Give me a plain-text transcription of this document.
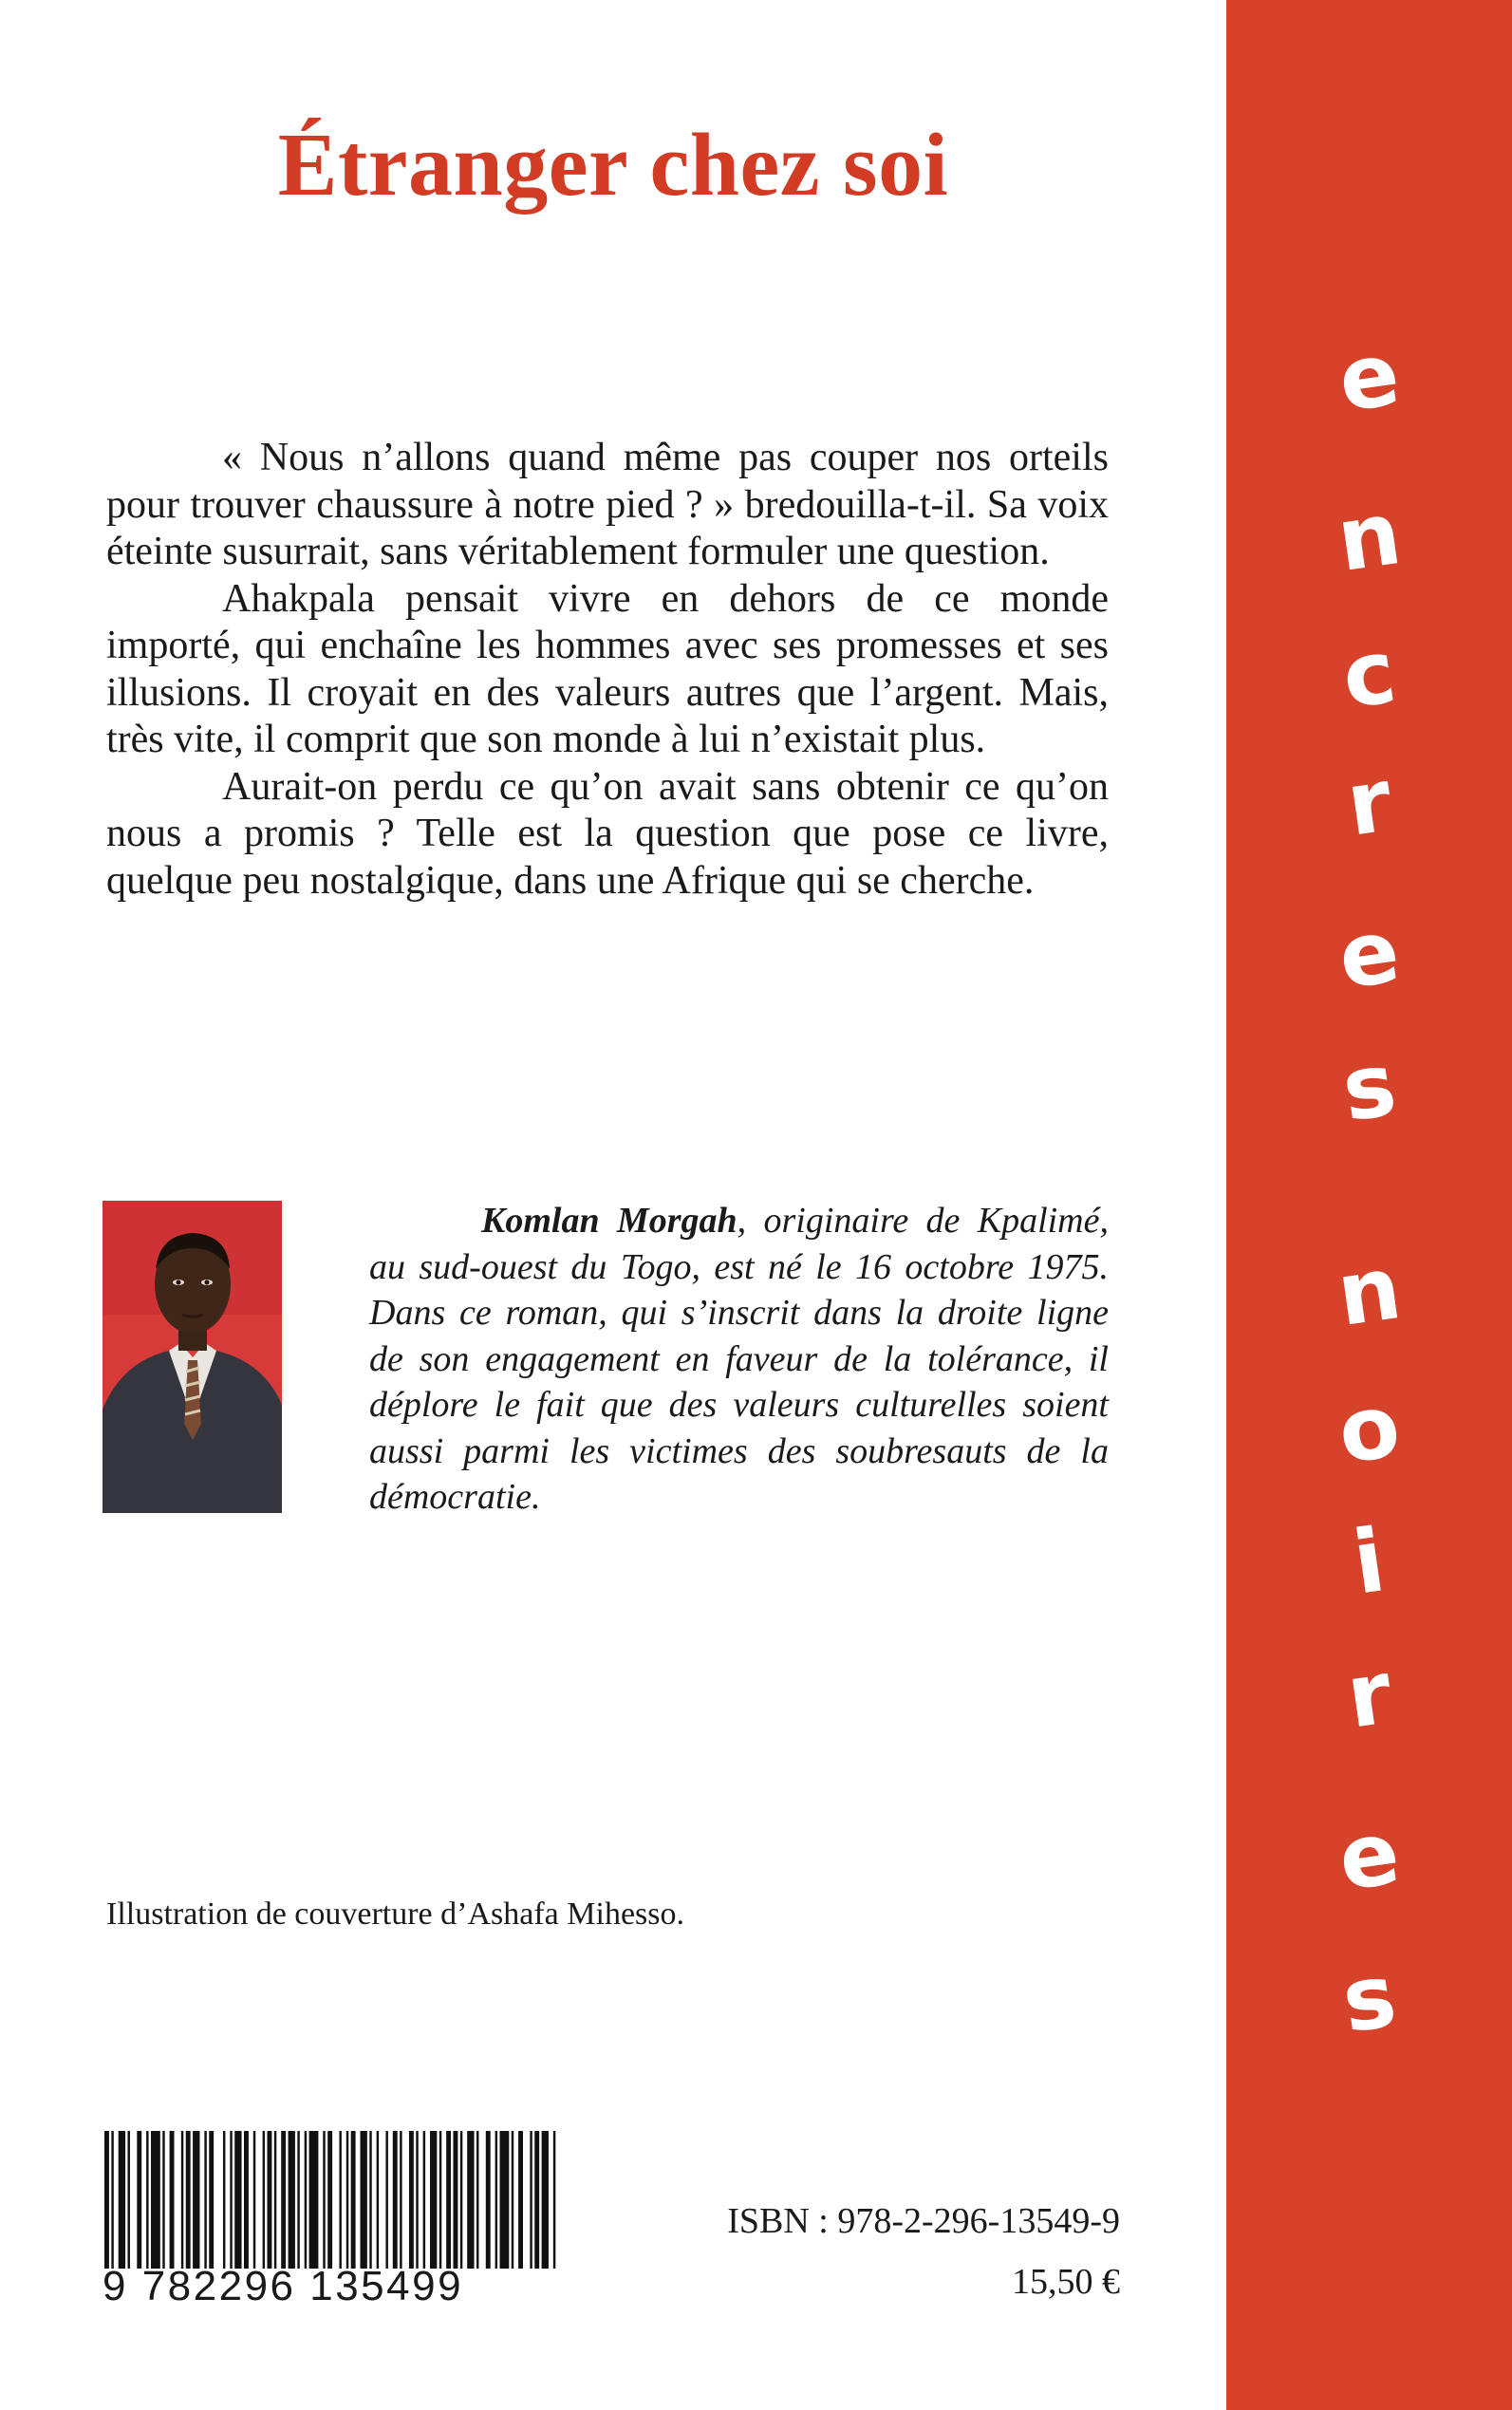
Étranger chez soi

« Nous n’allons quand même pas couper nos orteils pour trouver chaussure à notre pied ? » bredouilla-t-il. Sa voix éteinte susurrait, sans véritablement formuler une question.

Ahakpala pensait vivre en dehors de ce monde importé, qui enchaîne les hommes avec ses promesses et ses illusions. Il croyait en des valeurs autres que l’argent. Mais, très vite, il comprit que son monde à lui n’existait plus.

Aurait-on perdu ce qu’on avait sans obtenir ce qu’on nous a promis ? Telle est la question que pose ce livre, quelque peu nostalgique, dans une Afrique qui se cherche.

Komlan Morgah, originaire de Kpalimé, au sud-ouest du Togo, est né le 16 octobre 1975. Dans ce roman, qui s’inscrit dans la droite ligne de son engagement en faveur de la tolérance, il déplore le fait que des valeurs culturelles soient aussi parmi les victimes des soubresauts de la démocratie.

Illustration de couverture d’Ashafa Mihesso.

9 782296 135499

ISBN : 978-2-296-13549-9

15,50 €

e
n
c
r
e
s
n
o
i
r
e
s
